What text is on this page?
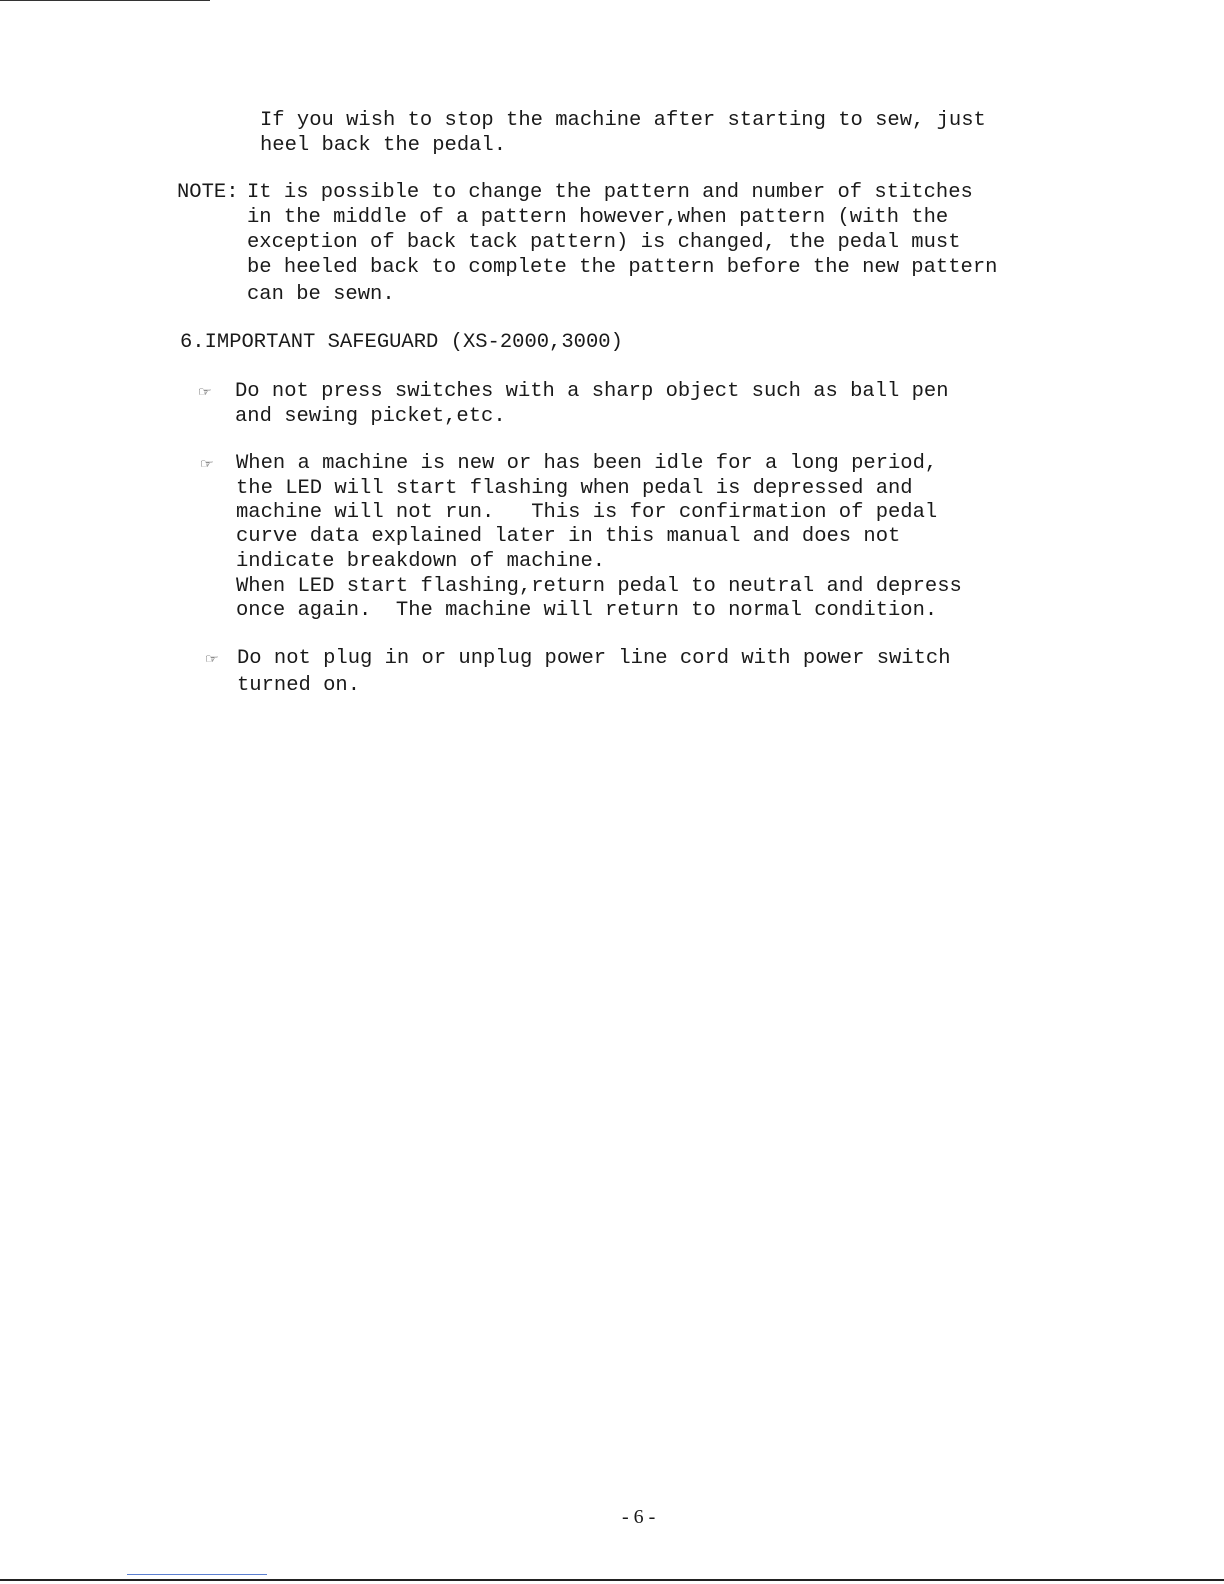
If you wish to stop the machine after starting to sew, just
heel back the pedal.
NOTE: It is possible to change the pattern and number of stitches
in the middle of a pattern however,when pattern (with the
exception of back tack pattern) is changed, the pedal must
be heeled back to complete the pattern before the new pattern
can be sewn.
6.IMPORTANT SAFEGUARD (XS-2000,3000)
☞ Do not press switches with a sharp object such as ball pen
and sewing picket,etc.
☞ When a machine is new or has been idle for a long period,
the LED will start flashing when pedal is depressed and
machine will not run.   This is for confirmation of pedal
curve data explained later in this manual and does not
indicate breakdown of machine.
When LED start flashing,return pedal to neutral and depress
once again.  The machine will return to normal condition.
☞ Do not plug in or unplug power line cord with power switch
turned on.
- 6 -
